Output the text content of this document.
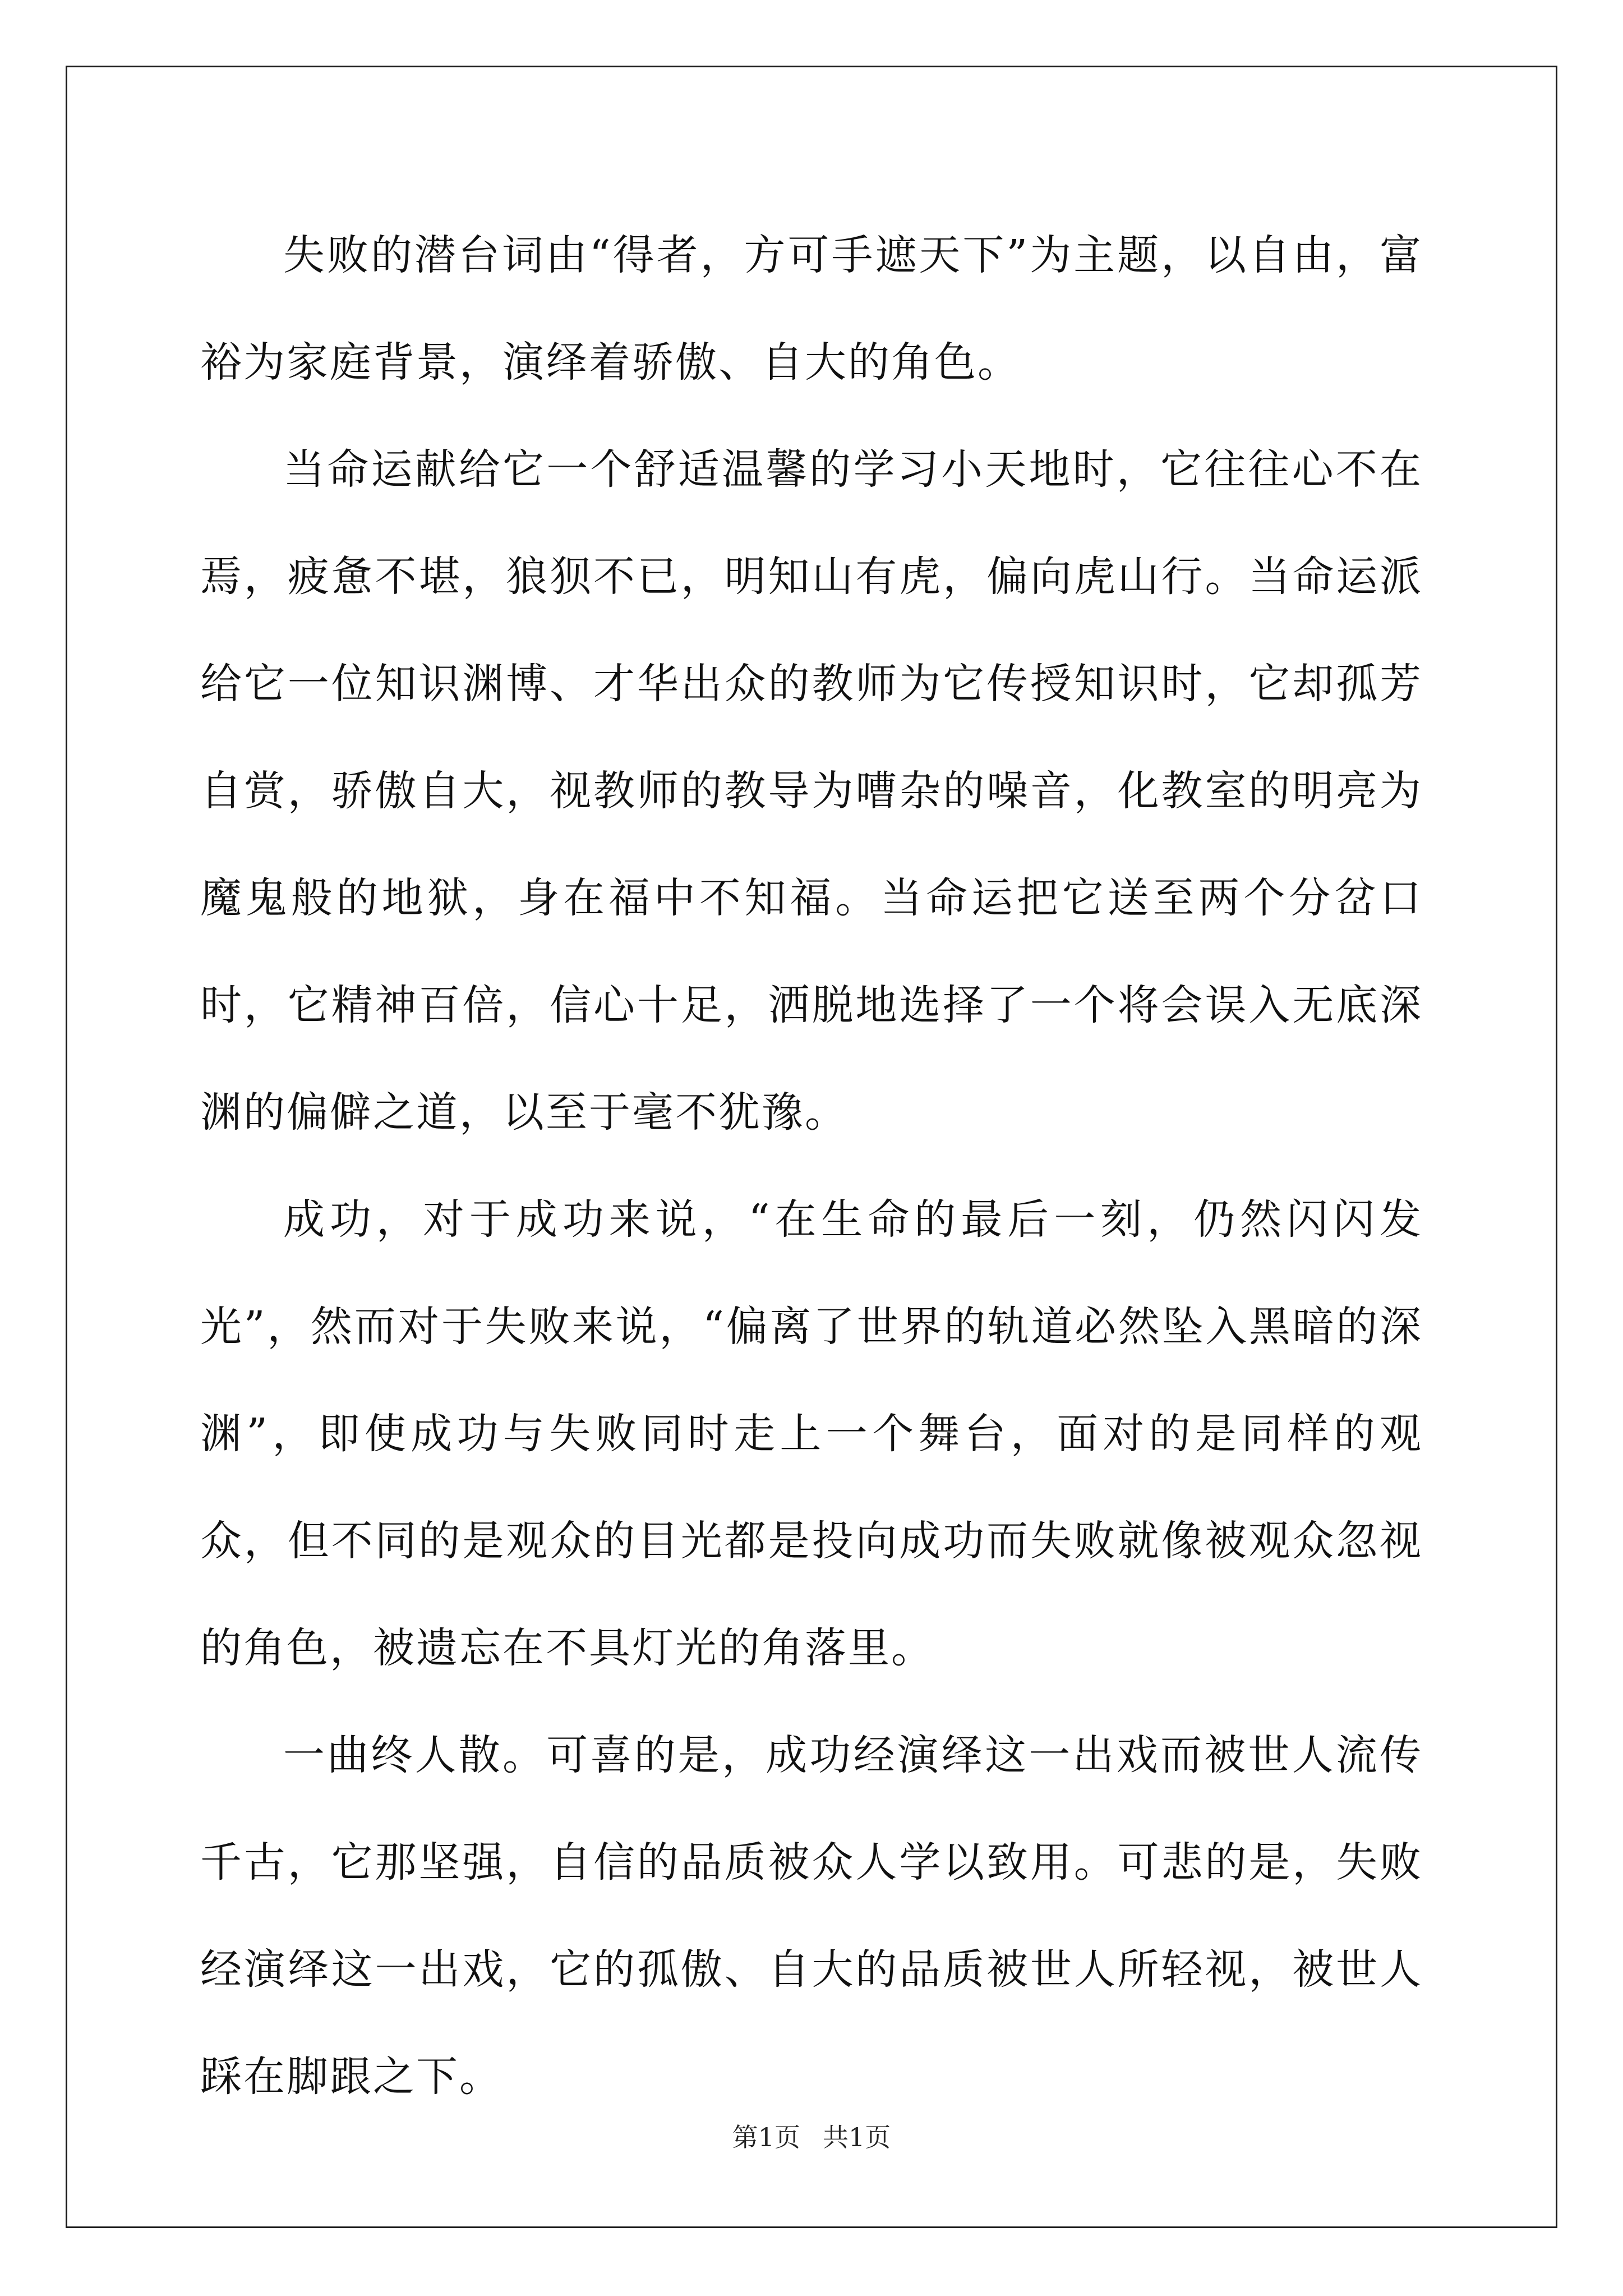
失败的潜台词由“得者，方可手遮天下”为主题，以自由，富裕为家庭背景，演绎着骄傲、自大的角色。

当命运献给它一个舒适温馨的学习小天地时，它往往心不在焉，疲惫不堪，狼狈不已，明知山有虎，偏向虎山行。当命运派给它一位知识渊博、才华出众的教师为它传授知识时，它却孤芳自赏，骄傲自大，视教师的教导为嘈杂的噪音，化教室的明亮为魔鬼般的地狱，身在福中不知福。当命运把它送至两个分岔口时，它精神百倍，信心十足，洒脱地选择了一个将会误入无底深渊的偏僻之道，以至于毫不犹豫。

成功，对于成功来说，“在生命的最后一刻，仍然闪闪发光”，然而对于失败来说，“偏离了世界的轨道必然坠入黑暗的深渊”，即使成功与失败同时走上一个舞台，面对的是同样的观众，但不同的是观众的目光都是投向成功而失败就像被观众忽视的角色，被遗忘在不具灯光的角落里。

一曲终人散。可喜的是，成功经演绎这一出戏而被世人流传千古，它那坚强，自信的品质被众人学以致用。可悲的是，失败经演绎这一出戏，它的孤傲、自大的品质被世人所轻视，被世人踩在脚跟之下。

第1页 共1页
